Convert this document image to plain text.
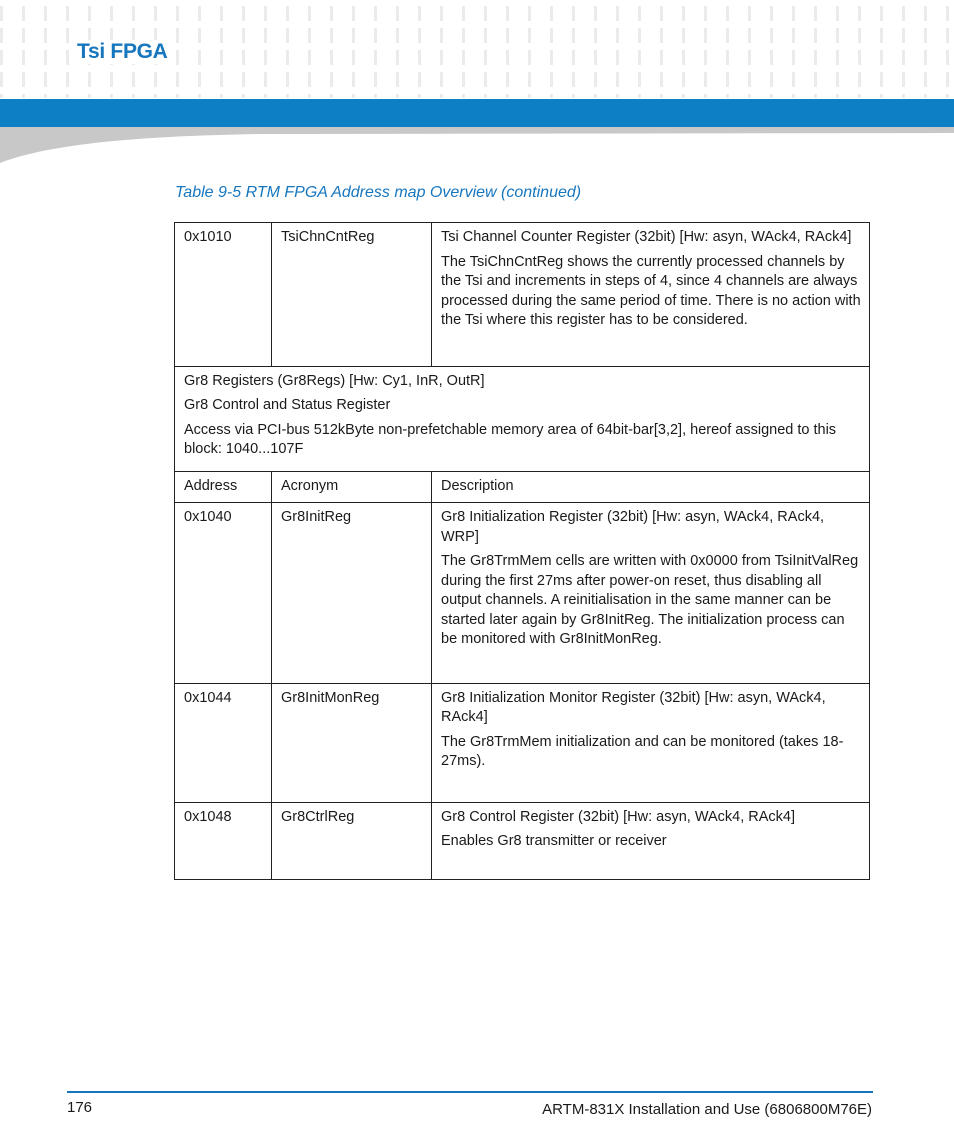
Tsi FPGA
Table 9-5 RTM FPGA Address map Overview (continued)
0x1010	TsiChnCntReg	Tsi Channel Counter Register (32bit) [Hw: asyn, WAck4, RAck4]

The TsiChnCntReg shows the currently processed channels by the Tsi and increments in steps of 4, since 4 channels are always processed during the same period of time. There is no action with the Tsi where this register has to be considered.

Gr8 Registers (Gr8Regs) [Hw: Cy1, InR, OutR]

Gr8 Control and Status Register

Access via PCI-bus 512kByte non-prefetchable memory area of 64bit-bar[3,2], hereof assigned to this block: 1040...107F		

Address	Acronym	Description
0x1040	Gr8InitReg	Gr8 Initialization Register (32bit) [Hw: asyn, WAck4, RAck4, WRP]

The Gr8TrmMem cells are written with 0x0000 from TsiInitValReg during the first 27ms after power-on reset, thus disabling all output channels. A reinitialisation in the same manner can be started later again by Gr8InitReg. The initialization process can be monitored with Gr8InitMonReg.

0x1044	Gr8InitMonReg	Gr8 Initialization Monitor Register (32bit) [Hw: asyn, WAck4, RAck4]

The Gr8TrmMem initialization and can be monitored (takes 18-27ms).

0x1048	Gr8CtrlReg	Gr8 Control Register (32bit) [Hw: asyn, WAck4, RAck4]

Enables Gr8 transmitter or receiver

176	ARTM-831X Installation and Use (6806800M76E)
